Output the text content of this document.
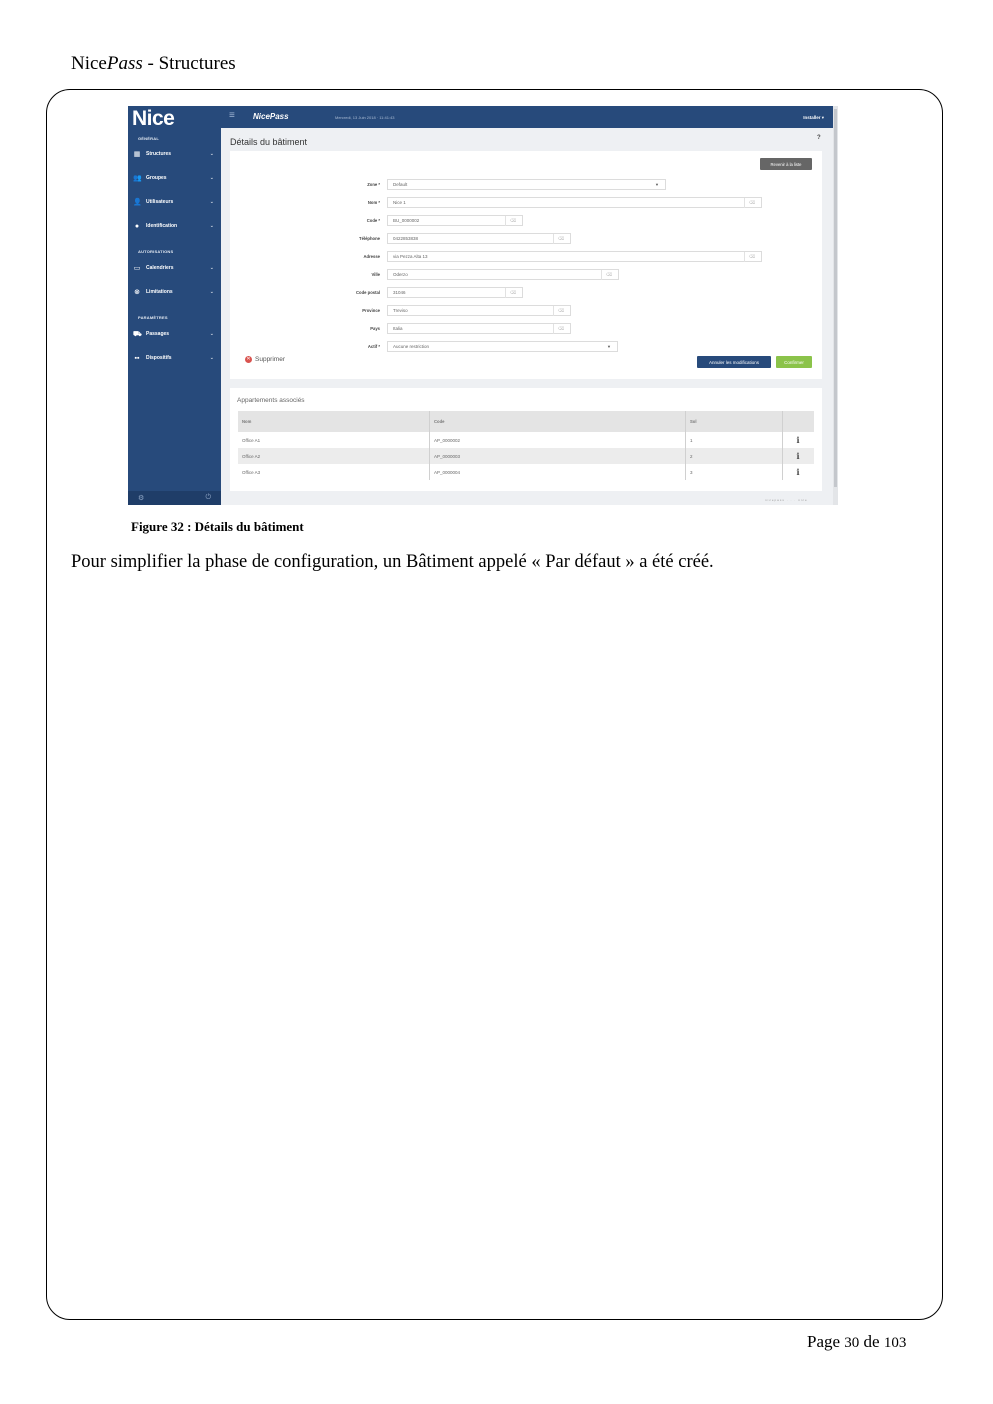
NicePass - Structures
Nice
GÉNÉRAL
▦ Structures	⌄
👥 Groupes	⌄
👤 Utilisateurs	⌄
●	Identification	⌄
AUTORISATIONS
▭ Calendriers	⌄
⊗ Limitations	⌄
PARAMÈTRES
⛟ Passages	⌄
▪▪	Dispositifs	⌄
⚙	⏻
≡ NicePass	Mercredi, 13 Juin 2018 · 11:41:43	Installer ▾
Détails du bâtiment	?
Revenir à la liste
Zone *	Default	▼
Nom *	Nice 1	⌫
Code *	BU_0000002	⌫
Téléphone	0422853838	⌫
Adresse	via Pezza Alta 13	⌫
Ville	Oderzo	⌫
Code postal	31046	⌫
Province	Treviso	⌫
Pays	Italia	⌫
Actif *	Aucune restriction	▼
✕ Supprimer	Annuler les modifications	Confirmer
Appartements associés
Nom	Code	Sol	
Office A1	AP_0000002	1	i
Office A2	AP_0000003	2	i
Office A3	AP_0000004	3	i
nicepass · · · nice
Figure 32 : Détails du bâtiment
Pour simplifier la phase de configuration, un Bâtiment appelé « Par défaut » a été créé.
Page 30 de 103
